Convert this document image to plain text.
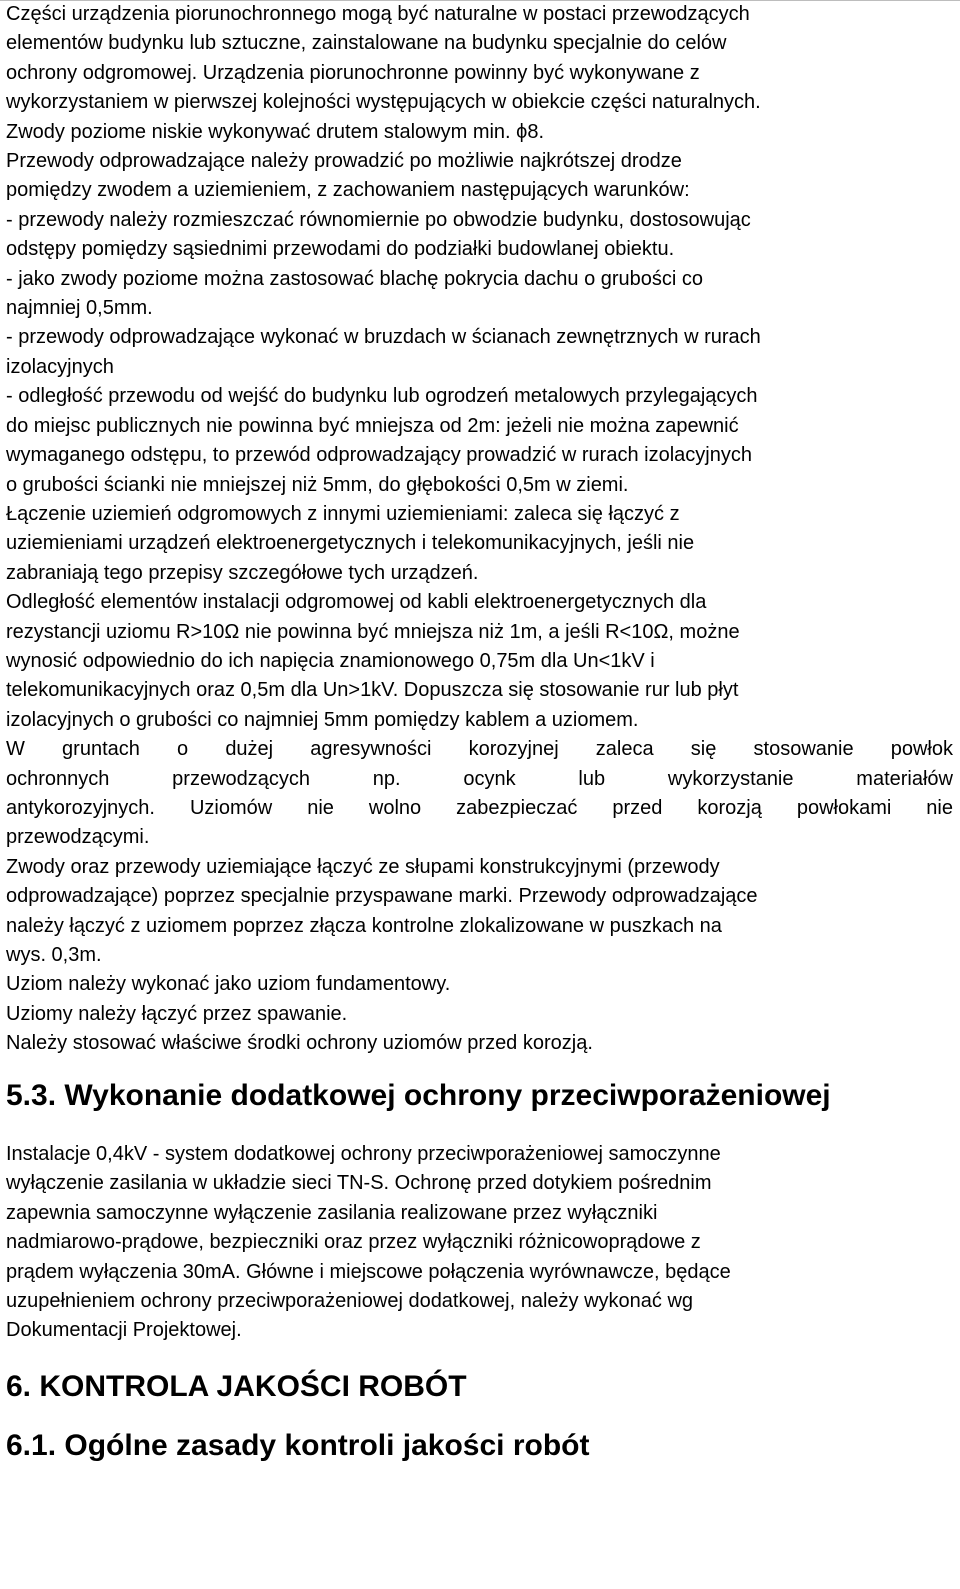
Części urządzenia piorunochronnego mogą być naturalne w postaci przewodzących
elementów budynku lub sztuczne, zainstalowane na budynku specjalnie do celów
ochrony odgromowej. Urządzenia piorunochronne powinny być wykonywane z
wykorzystaniem w pierwszej kolejności występujących w obiekcie części naturalnych.
Zwody poziome niskie wykonywać drutem stalowym min. ϕ8.
Przewody odprowadzające należy prowadzić po możliwie najkrótszej drodze
pomiędzy zwodem a uziemieniem, z zachowaniem następujących warunków:
- przewody należy rozmieszczać równomiernie po obwodzie budynku, dostosowując
odstępy pomiędzy sąsiednimi przewodami do podziałki budowlanej obiektu.
- jako zwody poziome można zastosować blachę pokrycia dachu o grubości co
najmniej 0,5mm.
- przewody odprowadzające wykonać w bruzdach w ścianach zewnętrznych w rurach
izolacyjnych
- odległość przewodu od wejść do budynku lub ogrodzeń metalowych przylegających
do miejsc publicznych nie powinna być mniejsza od 2m: jeżeli nie można zapewnić
wymaganego odstępu, to przewód odprowadzający prowadzić w rurach izolacyjnych
o grubości ścianki nie mniejszej niż 5mm, do głębokości 0,5m w ziemi.
Łączenie uziemień odgromowych z innymi uziemieniami: zaleca się łączyć z
uziemieniami urządzeń elektroenergetycznych i telekomunikacyjnych, jeśli nie
zabraniają tego przepisy szczegółowe tych urządzeń.
Odległość elementów instalacji odgromowej od kabli elektroenergetycznych dla
rezystancji uziomu R>10Ω nie powinna być mniejsza niż 1m, a jeśli R<10Ω, możne
wynosić odpowiednio do ich napięcia znamionowego 0,75m dla Un<1kV i
telekomunikacyjnych oraz 0,5m dla Un>1kV. Dopuszcza się stosowanie rur lub płyt
izolacyjnych o grubości co najmniej 5mm pomiędzy kablem a uziomem.
W gruntach o dużej agresywności korozyjnej zaleca się stosowanie powłok
ochronnych przewodzących np. ocynk lub wykorzystanie materiałów
antykorozyjnych. Uziomów nie wolno zabezpieczać przed korozją powłokami nie
przewodzącymi.
Zwody oraz przewody uziemiające łączyć ze słupami konstrukcyjnymi (przewody
odprowadzające) poprzez specjalnie przyspawane marki. Przewody odprowadzające
należy łączyć z uziomem poprzez złącza kontrolne zlokalizowane w puszkach na
wys. 0,3m.
Uziom należy wykonać jako uziom fundamentowy.
Uziomy należy łączyć przez spawanie.
Należy stosować właściwe środki ochrony uziomów przed korozją.
5.3. Wykonanie dodatkowej ochrony przeciwporażeniowej
Instalacje 0,4kV - system dodatkowej ochrony przeciwporażeniowej samoczynne
wyłączenie zasilania w układzie sieci TN-S. Ochronę przed dotykiem pośrednim
zapewnia samoczynne wyłączenie zasilania realizowane przez wyłączniki
nadmiarowo-prądowe, bezpieczniki oraz przez wyłączniki różnicowoprądowe z
prądem wyłączenia 30mA. Główne i miejscowe połączenia wyrównawcze, będące
uzupełnieniem ochrony przeciwporażeniowej dodatkowej, należy wykonać wg
Dokumentacji Projektowej.
6. KONTROLA JAKOŚCI ROBÓT
6.1. Ogólne zasady kontroli jakości robót
